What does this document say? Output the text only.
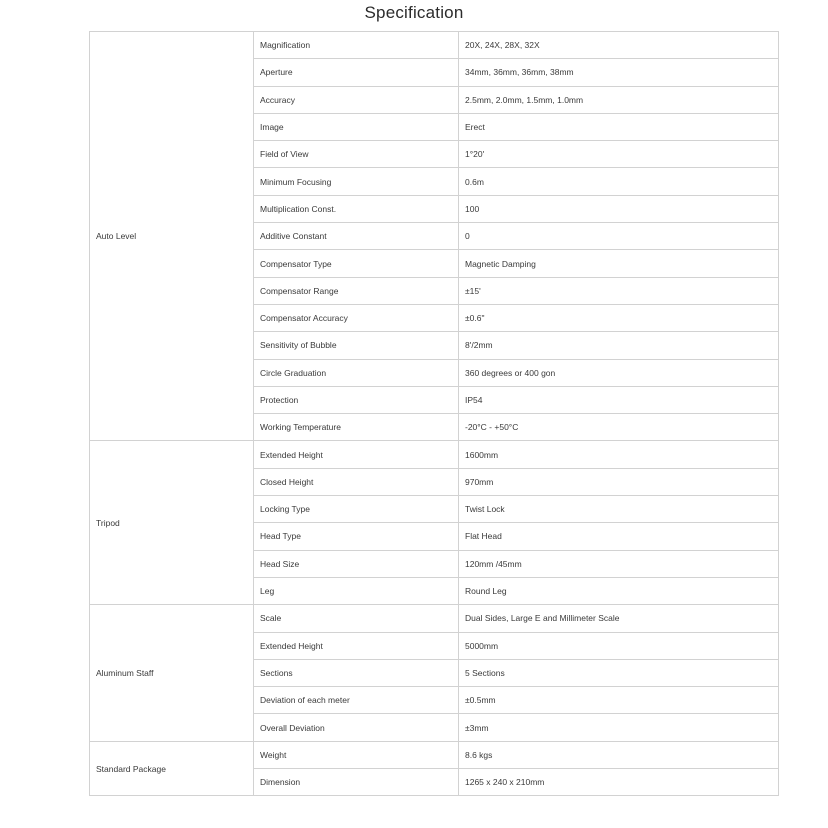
Specification
Auto Level	Magnification	20X, 24X, 28X, 32X
	Aperture	34mm, 36mm, 36mm, 38mm
	Accuracy	2.5mm, 2.0mm, 1.5mm, 1.0mm
	Image	Erect
	Field of View	1°20'
	Minimum Focusing	0.6m
	Multiplication Const.	100
	Additive Constant	0
	Compensator Type	Magnetic Damping
	Compensator Range	±15'
	Compensator Accuracy	±0.6"
	Sensitivity of Bubble	8'/2mm
	Circle Graduation	360 degrees or 400 gon
	Protection	IP54
	Working Temperature	-20°C - +50°C
Tripod	Extended Height	1600mm
	Closed Height	970mm
	Locking Type	Twist Lock
	Head Type	Flat Head
	Head Size	120mm /45mm
	Leg	Round Leg
Aluminum Staff	Scale	Dual Sides, Large E and Millimeter Scale
	Extended Height	5000mm
	Sections	5 Sections
	Deviation of each meter	±0.5mm
	Overall Deviation	±3mm
Standard Package	Weight	8.6 kgs
	Dimension	1265 x 240 x 210mm
